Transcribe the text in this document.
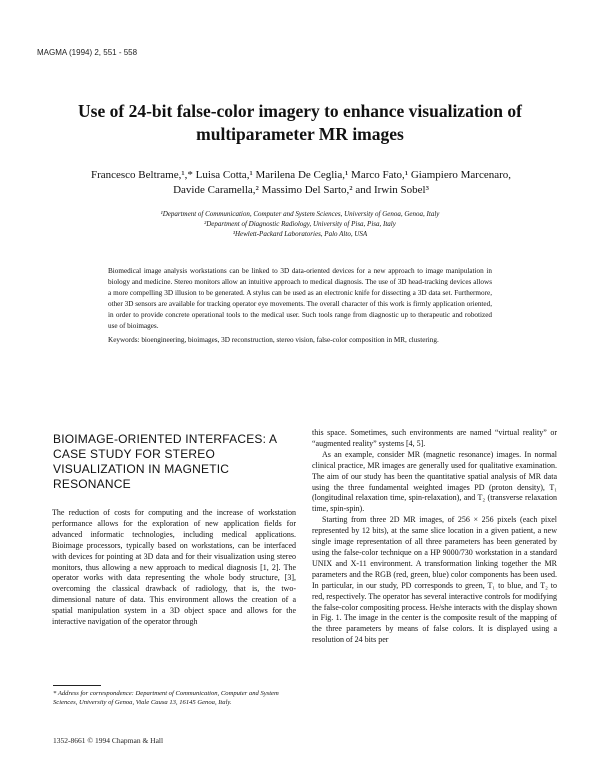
MAGMA (1994) 2, 551 - 558
Use of 24-bit false-color imagery to enhance visualization of
multiparameter MR images
Francesco Beltrame,¹,* Luisa Cotta,¹ Marilena De Ceglia,¹ Marco Fato,¹ Giampiero Marcenaro,
Davide Caramella,² Massimo Del Sarto,² and Irwin Sobel³
¹Department of Communication, Computer and System Sciences, University of Genoa, Genoa, Italy
²Department of Diagnostic Radiology, University of Pisa, Pisa, Italy
³Hewlett-Packard Laboratories, Palo Alto, USA

Biomedical image analysis workstations can be linked to 3D data-oriented devices for a new approach to image manipulation in biology and medicine. Stereo monitors allow an intuitive approach to medical diagnosis. The use of 3D head-tracking devices allows a more compelling 3D illusion to be generated. A stylus can be used as an electronic knife for dissecting a 3D data set. Furthermore, other 3D sensors are available for tracking operator eye movements. The overall character of this work is firmly application oriented, in order to provide concrete operational tools to the medical user. Such tools range from diagnostic up to therapeutic and robotized use of bioimages.

Keywords: bioengineering, bioimages, 3D reconstruction, stereo vision, false-color composition in MR, clustering.

BIOIMAGE-ORIENTED INTERFACES: A CASE STUDY FOR STEREO VISUALIZATION IN MAGNETIC RESONANCE

The reduction of costs for computing and the increase of workstation performance allows for the exploration of new application fields for advanced informatic technologies, including medical applications. Bioimage processors, typically based on workstations, can be interfaced with devices for pointing at 3D data and for their visualization using stereo monitors, thus allowing a new approach to medical diagnosis [1, 2]. The operator works with data representing the whole body structure, [3], overcoming the classical drawback of radiology, that is, the two-dimensional nature of data. This environment allows the creation of a spatial manipulation system in a 3D object space and allows for the interactive navigation of the operator through

this space. Sometimes, such environments are named “virtual reality” or “augmented reality” systems [4, 5].

As an example, consider MR (magnetic resonance) images. In normal clinical practice, MR images are generally used for qualitative examination. The aim of our study has been the quantitative spatial analysis of MR data using the three fundamental weighted images PD (proton density), T₁ (longitudinal relaxation time, spin-relaxation), and T₂ (transverse relaxation time, spin-spin).

Starting from three 2D MR images, of 256 × 256 pixels (each pixel represented by 12 bits), at the same slice location in a given patient, a new single image representation of all three parameters has been generated by using the false-color technique on a HP 9000/730 workstation in a standard UNIX and X-11 environment. A transformation linking together the MR parameters and the RGB (red, green, blue) color components has been used. In particular, in our study, PD corresponds to green, T₁ to blue, and T₂ to red, respectively. The operator has several interactive controls for modifying the false-color compositing process. He/she interacts with the display shown in Fig. 1. The image in the center is the composite result of the mapping of the three parameters by means of false colors. It is displayed using a resolution of 24 bits per

* Address for correspondence: Department of Communication, Computer and System Sciences, University of Genoa, Viale Causa 13, 16145 Genoa, Italy.
1352-8661 © 1994 Chapman & Hall
